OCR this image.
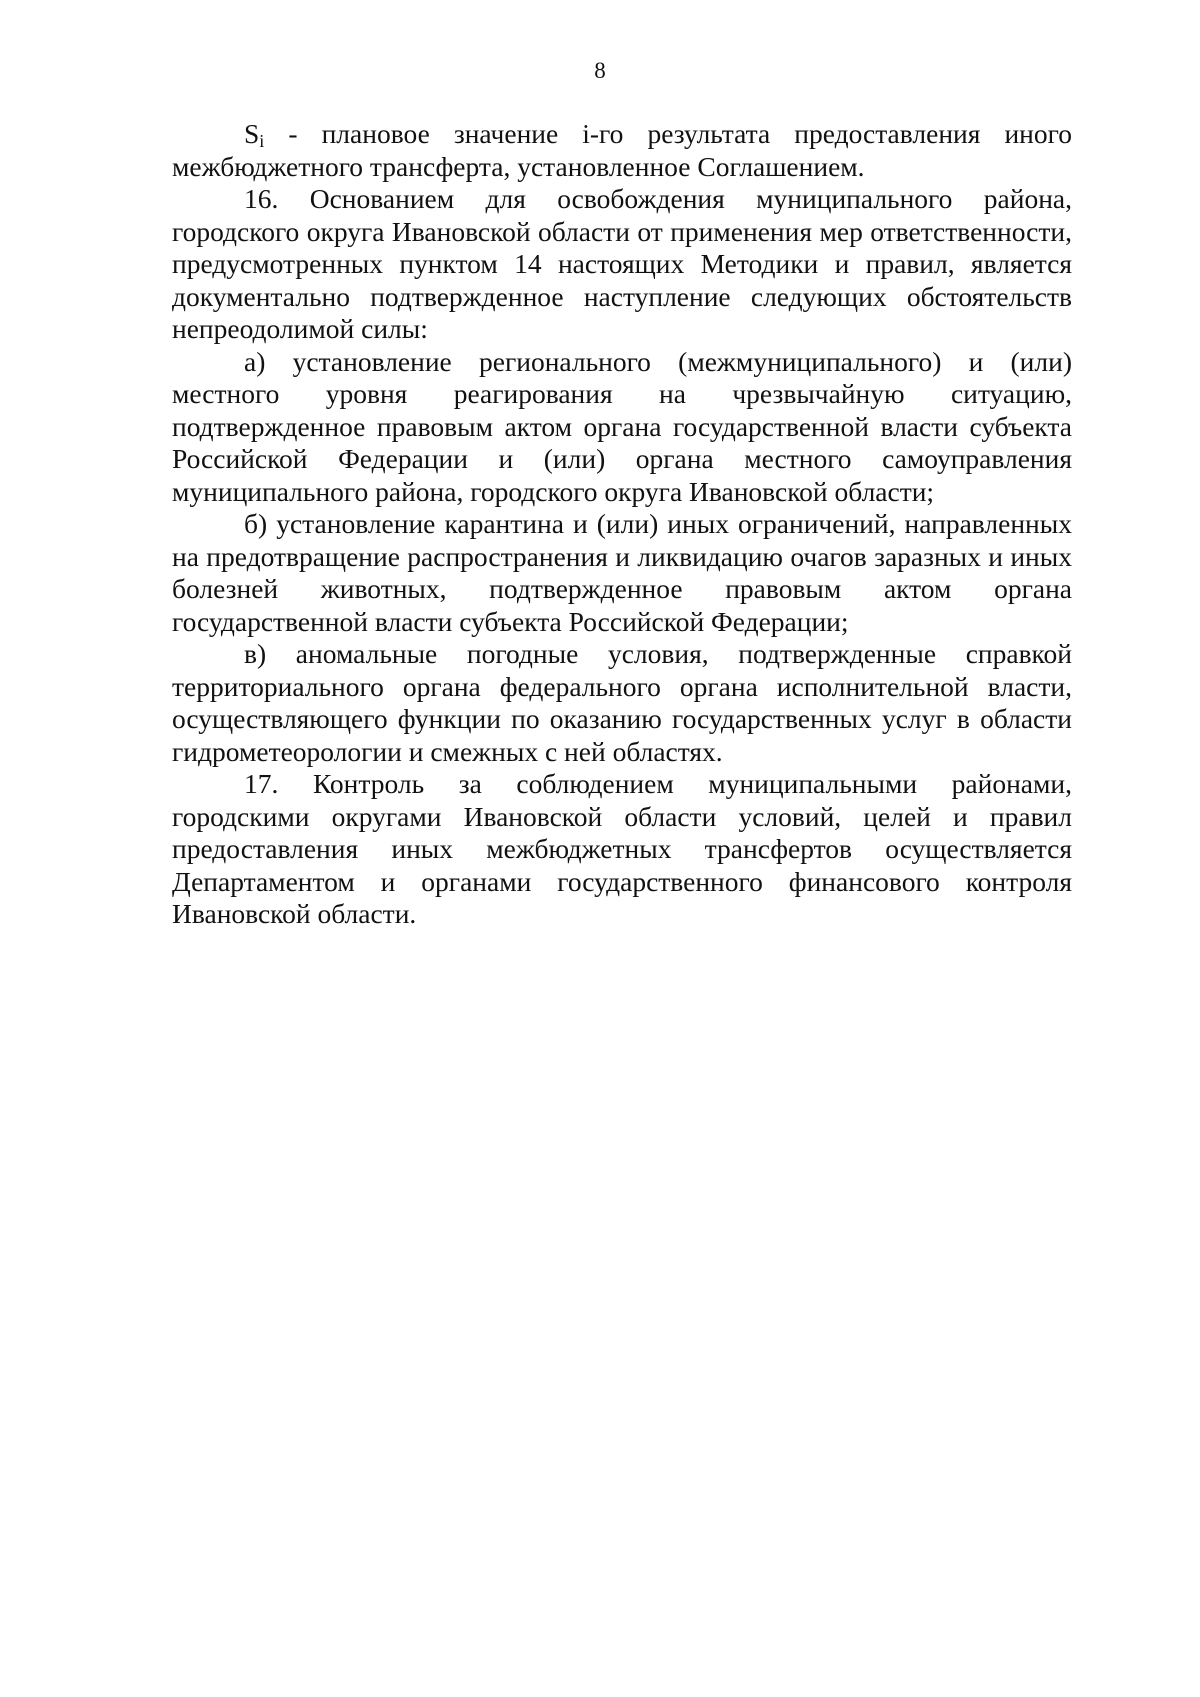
8

$S_i$ - плановое значение i-го результата предоставления иного межбюджетного трансферта, установленное Соглашением.

16. Основанием для освобождения муниципального района, городского округа Ивановской области от применения мер ответственности, предусмотренных пунктом 14 настоящих Методики и правил, является документально подтвержденное наступление следующих обстоятельств непреодолимой силы:

а) установление регионального (межмуниципального) и (или) местного уровня реагирования на чрезвычайную ситуацию, подтвержденное правовым актом органа государственной власти субъекта Российской Федерации и (или) органа местного самоуправления муниципального района, городского округа Ивановской области;

б) установление карантина и (или) иных ограничений, направленных на предотвращение распространения и ликвидацию очагов заразных и иных болезней животных, подтвержденное правовым актом органа государственной власти субъекта Российской Федерации;

в) аномальные погодные условия, подтвержденные справкой территориального органа федерального органа исполнительной власти, осуществляющего функции по оказанию государственных услуг в области гидрометеорологии и смежных с ней областях.

17. Контроль за соблюдением муниципальными районами, городскими округами Ивановской области условий, целей и правил предоставления иных межбюджетных трансфертов осуществляется Департаментом и органами государственного финансового контроля Ивановской области.
